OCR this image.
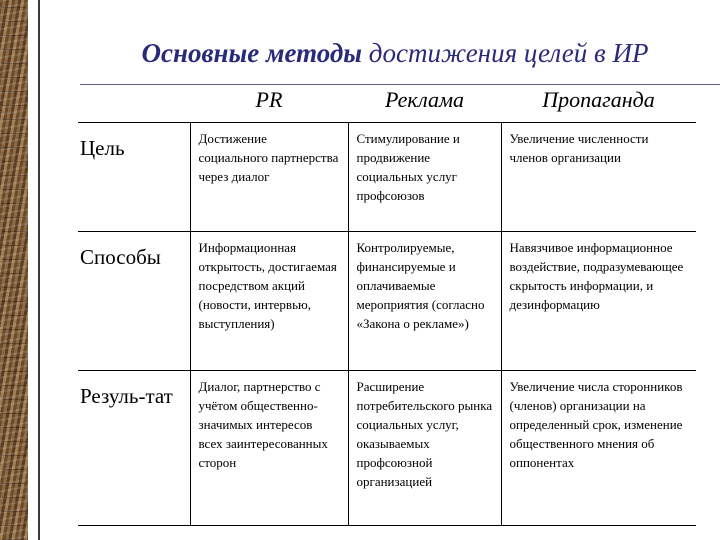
Основные методы достижения целей в ИР
	PR	Реклама	Пропаганда
Цель	Достижение социального партнерства через диалог	Стимулирование и продвижение социальных услуг профсоюзов	Увеличение численности членов организации
Способы	Информационная открытость, достигаемая посредством акций (новости, интервью, выступления)	Контролируемые, финансируемые и оплачиваемые мероприятия (согласно «Закона о рекламе»)	Навязчивое информационное воздействие, подразумевающее скрытость информации, и дезинформацию
Резуль-тат	Диалог, партнерство с учётом общественно-значимых интересов всех заинтересованных сторон	Расширение потребительского рынка социальных услуг, оказываемых профсоюзной организацией	Увеличение числа сторонников (членов) организации на определенный срок, изменение общественного мнения об оппонентах
